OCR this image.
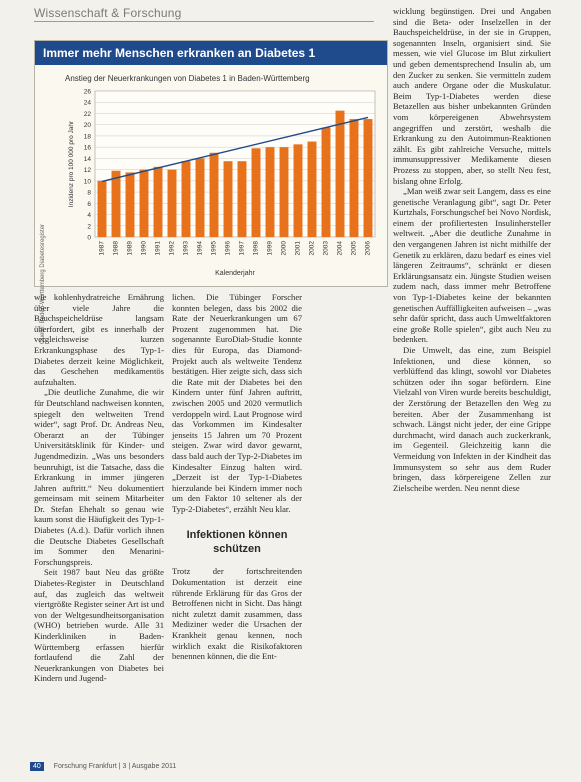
Wissenschaft & Forschung
Immer mehr Menschen erkranken an Diabetes 1
Anstieg der Neuerkrankungen von Diabetes 1 in Baden-Württemberg
Quelle: Baden-Württemberg Diabetesregister	0
2
4
6
8
10
12
14
16
18
20
22
24
26
1987 1988 1989 1990 1991 1992 1993 1994 1995 1996 1997 1998 1999 2000 2001 2002 2003 2004 2005 2006
Kalenderjahr
Inzidenz pro 100 000 pro Jahr

wie kohlenhydratreiche Ernährung über viele Jahre die Bauchspeicheldrüse langsam überfordert, gibt es innerhalb der vergleichsweise kurzen Erkrankungsphase des Typ-1-Diabetes derzeit keine Möglichkeit, das Geschehen medikamentös aufzuhalten.

„Die deutliche Zunahme, die wir für Deutschland nachweisen konnten, spiegelt den weltweiten Trend wider“, sagt Prof. Dr. Andreas Neu, Oberarzt an der Tübinger Universitätsklinik für Kinder- und Jugendmedizin. „Was uns besonders beunruhigt, ist die Tatsache, dass die Erkrankung in immer jüngeren Jahren auftritt.“ Neu dokumentiert gemeinsam mit seinem Mitarbeiter Dr. Stefan Ehehalt so genau wie kaum sonst die Häufigkeit des Typ-1-Diabetes (A.d.). Dafür vorlich ihnen die Deutsche Diabetes Gesellschaft im Sommer den Menarini-Forschungspreis.

Seit 1987 baut Neu das größte Diabetes-Register in Deutschland auf, das zugleich das weltweit viertgrößte Register seiner Art ist und von der Weltgesundheitsorganisation (WHO) betrieben wurde. Alle 31 Kinderkliniken in Baden-Württemberg erfassen hierfür fortlaufend die Zahl der Neuerkrankungen von Diabetes bei Kindern und Jugend-

lichen. Die Tübinger Forscher konnten belegen, dass bis 2002 die Rate der Neuerkrankungen um 67 Prozent zugenommen hat. Die sogenannte EuroDiab-Studie konnte dies für Europa, das Diamond-Projekt auch als weltweite Tendenz bestätigen. Hier zeigte sich, dass sich die Rate mit der Diabetes bei den Kindern unter fünf Jahren auftritt, zwischen 2005 und 2020 vermutlich verdoppeln wird. Laut Prognose wird das Vorkommen im Kindesalter jenseits 15 Jahren um 70 Prozent steigen. Zwar wird davor gewarnt, dass bald auch der Typ-2-Diabetes im Kindesalter Einzug halten wird. „Derzeit ist der Typ-1-Diabetes hierzulande bei Kindern immer noch um den Faktor 10 seltener als der Typ-2-Diabetes“, erzählt Neu klar.

Infektionen können schützen

Trotz der fortschreitenden Dokumentation ist derzeit eine rührende Erklärung für das Gros der Betroffenen nicht in Sicht. Das hängt nicht zuletzt damit zusammen, dass Mediziner weder die Ursachen der Krankheit genau kennen, noch wirklich exakt die Risikofaktoren benennen können, die die Ent-

wicklung begünstigen. Drei und Angaben sind die Beta- oder Inselzellen in der Bauchspeicheldrüse, in der sie in Gruppen, sogenannten Inseln, organisiert sind. Sie messen, wie viel Glucose im Blut zirkuliert und geben dementsprechend Insulin ab, um den Zucker zu senken. Sie vermitteln zudem auch andere Organe oder die Muskulatur. Beim Typ-1-Diabetes werden diese Betazellen aus bisher unbekannten Gründen vom körpereigenen Abwehrsystem angegriffen und zerstört, weshalb die Erkrankung zu den Autoimmun-Reaktionen zählt. Es gibt zahlreiche Versuche, mittels immunsuppressiver Medikamente diesen Prozess zu stoppen, aber, so stellt Neu fest, bislang ohne Erfolg.

„Man weiß zwar seit Langem, dass es eine genetische Veranlagung gibt“, sagt Dr. Peter Kurtzhals, Forschungschef bei Novo Nordisk, einem der profiliertesten Insulinhersteller weltweit. „Aber die deutliche Zunahme in den vergangenen Jahren ist nicht mithilfe der Genetik zu erklären, dazu bedarf es eines viel längeren Zeitraums“, schränkt er diesen Erklärungsansatz ein. Jüngste Studien weisen zudem nach, dass immer mehr Betroffene von Typ-1-Diabetes keine der bekannten genetischen Auffälligkeiten aufweisen – „was sehr dafür spricht, dass auch Umweltfaktoren eine große Rolle spielen“, gibt auch Neu zu bedenken.

Die Umwelt, das eine, zum Beispiel Infektionen, und diese können, so verblüffend das klingt, sowohl vor Diabetes schützen oder ihn sogar befördern. Eine Vielzahl von Viren wurde bereits beschuldigt, der Zerstörung der Betazellen den Weg zu bereiten. Aber der Zusammenhang ist schwach. Längst nicht jeder, der eine Grippe durchmacht, wird danach auch zuckerkrank, im Gegenteil. Gleichzeitig kann die Vermeidung von Infekten in der Kindheit das Immunsystem so sehr aus dem Ruder bringen, dass körpereigene Zellen zur Zielscheibe werden. Neu nennt diese

40 Forschung Frankfurt | 3 | Ausgabe 2011
